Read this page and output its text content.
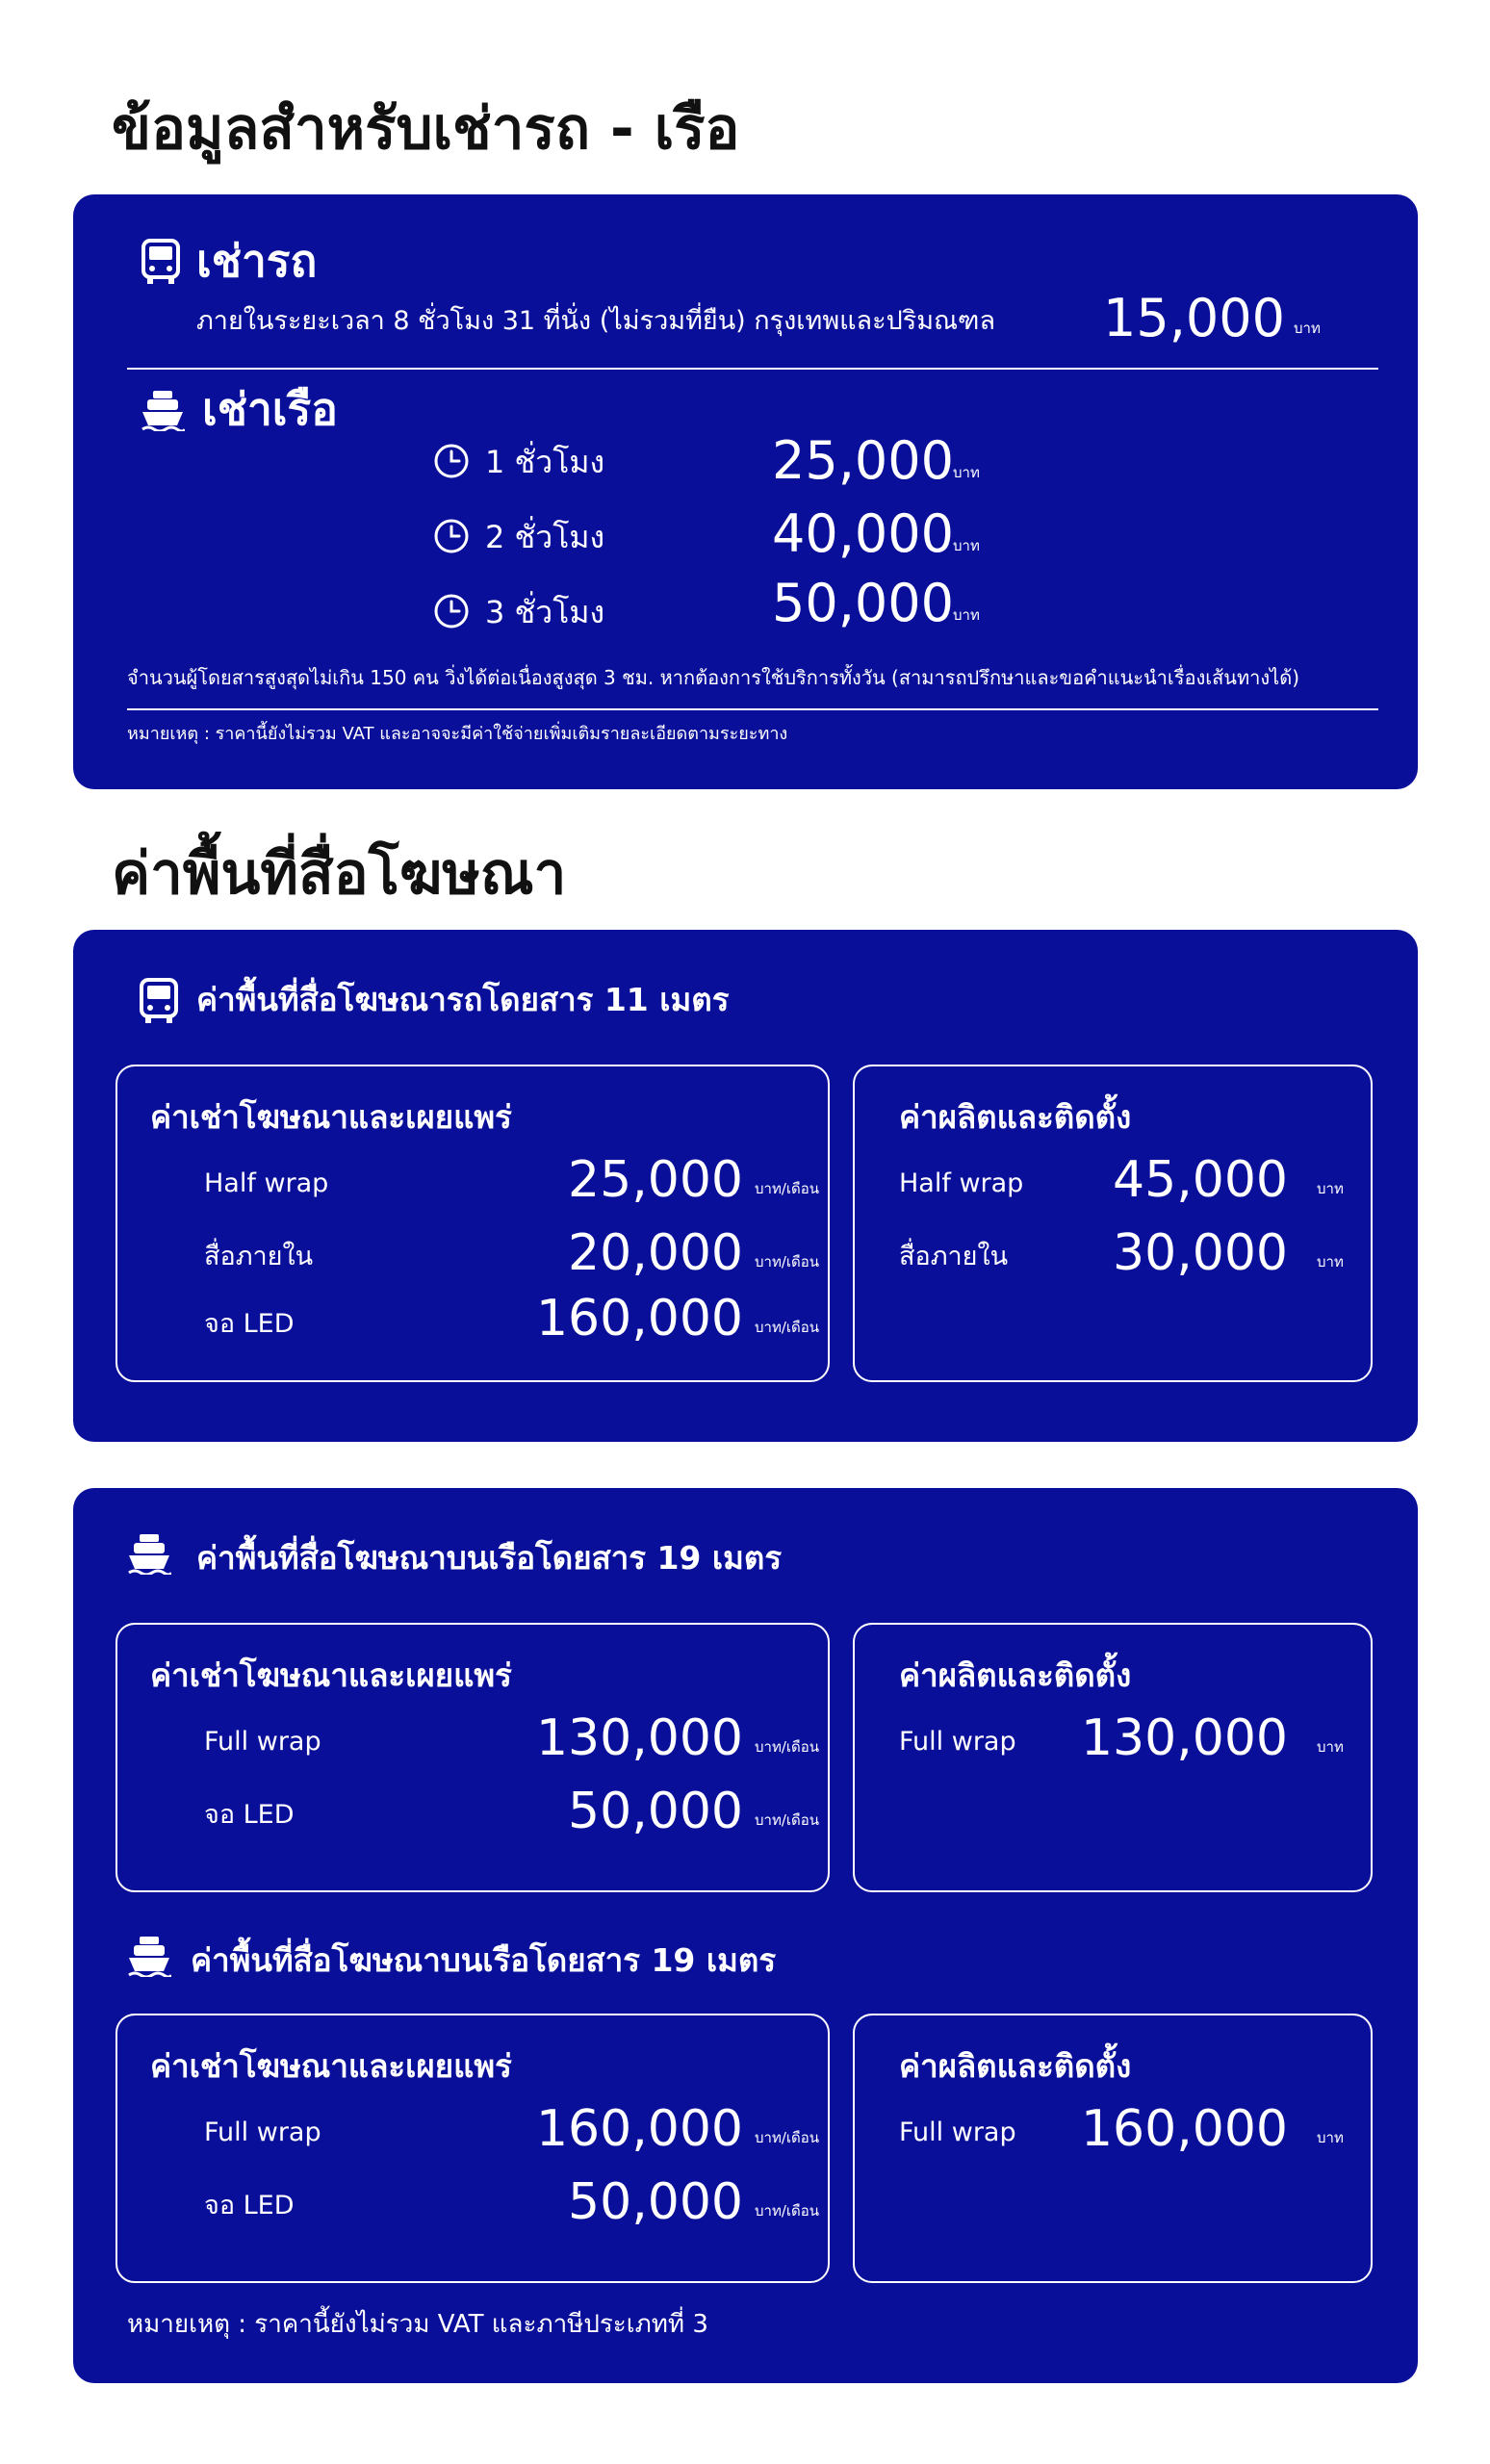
ข้อมูลสำหรับเช่ารถ - เรือ
เช่ารถ
ภายในระยะเวลา 8 ชั่วโมง 31 ที่นั่ง (ไม่รวมที่ยืน) กรุงเทพและปริมณฑล 15,000 บาท
เช่าเรือ
1 ชั่วโมง	25,000 บาท
2 ชั่วโมง	40,000 บาท
3 ชั่วโมง	50,000 บาท
จำนวนผู้โดยสารสูงสุดไม่เกิน 150 คน วิ่งได้ต่อเนื่องสูงสุด 3 ชม. หากต้องการใช้บริการทั้งวัน (สามารถปรึกษาและขอคำแนะนำเรื่องเส้นทางได้)
หมายเหตุ : ราคานี้ยังไม่รวม VAT และอาจจะมีค่าใช้จ่ายเพิ่มเติมรายละเอียดตามระยะทาง
ค่าพื้นที่สื่อโฆษณา
ค่าพื้นที่สื่อโฆษณารถโดยสาร 11 เมตร
ค่าเช่าโฆษณาและเผยแพร่
Half wrap	25,000 บาท/เดือน
สื่อภายใน	20,000 บาท/เดือน
จอ LED	160,000 บาท/เดือน
ค่าผลิตและติดตั้ง
Half wrap	45,000 บาท
สื่อภายใน	30,000 บาท
ค่าพื้นที่สื่อโฆษณาบนเรือโดยสาร 19 เมตร
ค่าเช่าโฆษณาและเผยแพร่
Full wrap	130,000 บาท/เดือน
จอ LED	50,000 บาท/เดือน
ค่าผลิตและติดตั้ง
Full wrap	130,000 บาท
ค่าพื้นที่สื่อโฆษณาบนเรือโดยสาร 19 เมตร
ค่าเช่าโฆษณาและเผยแพร่
Full wrap	160,000 บาท/เดือน
จอ LED	50,000 บาท/เดือน
ค่าผลิตและติดตั้ง
Full wrap	160,000 บาท
หมายเหตุ : ราคานี้ยังไม่รวม VAT และภาษีประเภทที่ 3
